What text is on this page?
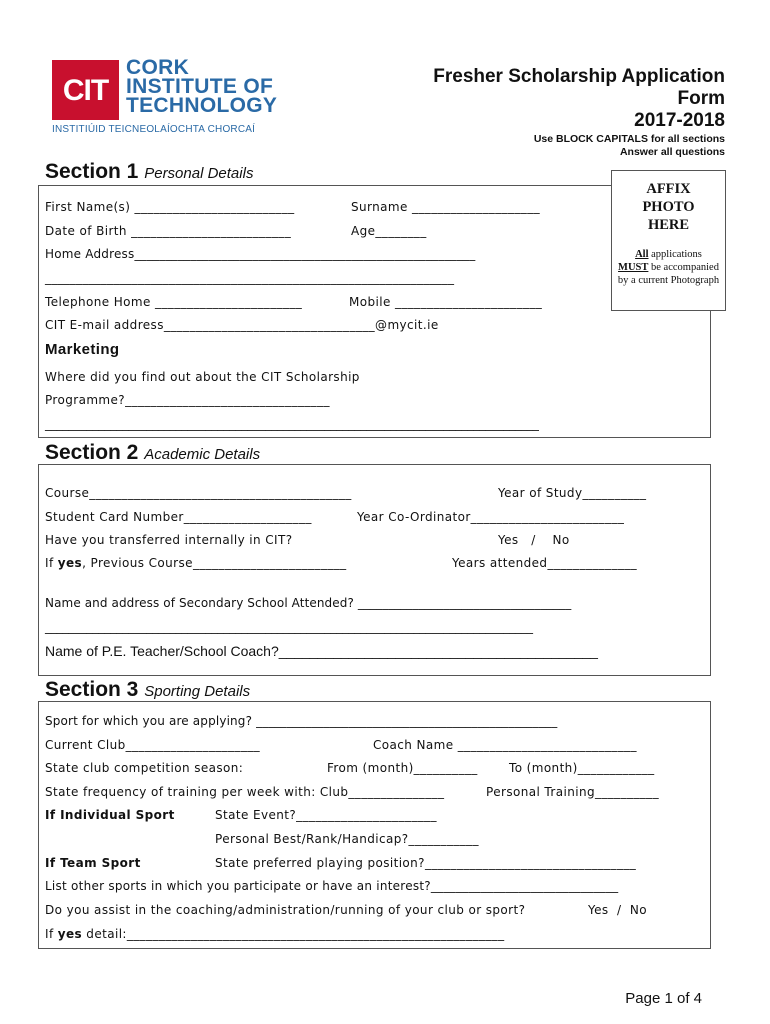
CIT
CORK
INSTITUTE OF
TECHNOLOGY
INSTITIÚID TEICNEOLAÍOCHTA CHORCAÍ
Fresher Scholarship Application
Form
2017-2018
Use BLOCK CAPITALS for all sections
Answer all questions
Section 1 Personal Details
AFFIX
PHOTO
HERE
All applications
MUST be accompanied by a current Photograph
First Name(s) _________________________	Surname ____________________
Date of Birth _________________________	Age________
Home Address_______________________________________________________
__________________________________________________________________
Telephone Home _______________________	Mobile _______________________
CIT E-mail address_________________________________@mycit.ie
Marketing
Where did you find out about the CIT Scholarship
Programme?________________________________
___________________________________________________________________________________
Section 2 Academic Details
Course_________________________________________	Year of Study__________
Student Card Number____________________	Year Co-Ordinator________________________
Have you transferred internally in CIT?	Yes   /    No
If yes, Previous Course________________________	Years attended______________
Name and address of Secondary School Attended? ___________________________________
__________________________________________________________________________________
Name of P.E. Teacher/School Coach?_________________________________________
Section 3 Sporting Details
Sport for which you are applying? _________________________________________________
Current Club_____________________	Coach Name ____________________________
State club competition season:	From (month)__________	To (month)____________
State frequency of training per week with: Club_______________	Personal Training__________
If Individual Sport	State Event?______________________
Personal Best/Rank/Handicap?___________
If Team Sport	State preferred playing position?_________________________________
List other sports in which you participate or have an interest?______________________________
Do you assist in the coaching/administration/running of your club or sport?	Yes  /  No
If yes detail:___________________________________________________________
Page 1 of 4
